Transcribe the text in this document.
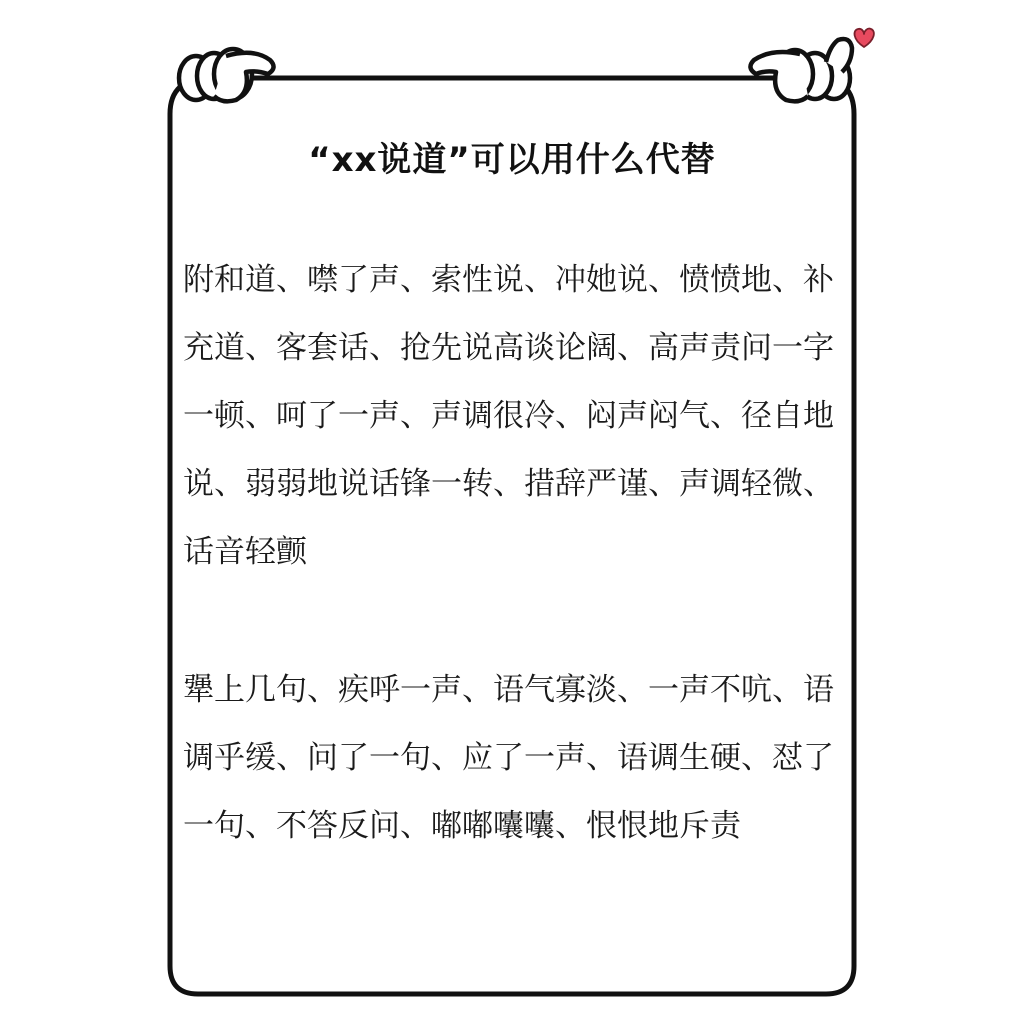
“xx说道”可以用什么代替

附和道、噤了声、索性说、冲她说、愤愤地、补充道、客套话、抢先说高谈论阔、高声责问一字一顿、呵了一声、声调很冷、闷声闷气、径自地说、弱弱地说话锋一转、措辞严谨、声调轻微、话音轻颤

犟上几句、疾呼一声、语气寡淡、一声不吭、语调乎缓、问了一句、应了一声、语调生硬、怼了一句、不答反问、嘟嘟囔囔、恨恨地斥责
